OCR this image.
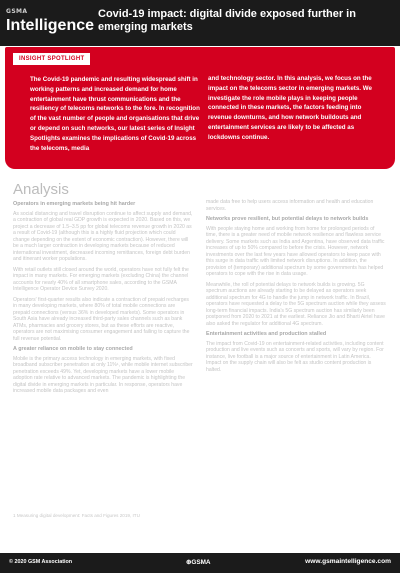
GSMA
Intelligence
Covid-19 impact: digital divide exposed further in emerging markets
INSIGHT SPOTLIGHT
The Covid-19 pandemic and resulting widespread shift in working patterns and increased demand for home entertainment have thrust communications and the resiliency of telecoms networks to the fore. In recognition of the vast number of people and organisations that drive or depend on such networks, our latest series of Insight Spotlights examines the implications of Covid-19 across the telecoms, media
and technology sector. In this analysis, we focus on the impact on the telecoms sector in emerging markets. We investigate the role mobile plays in keeping people connected in these markets, the factors feeding into revenue downturns, and how network buildouts and entertainment services are likely to be affected as lockdowns continue.
Analysis
Operators in emerging markets being hit harder

As social distancing and travel disruption continue to affect supply and demand, a contraction of global real GDP growth is expected in 2020. Based on this, we project a decrease of 1.5–3.5 pp for global telecoms revenue growth in 2020 as a result of Covid-19 (although this is a highly fluid projection which could change depending on the extent of economic contraction). However, there will be a much larger contraction in developing markets because of reduced international investment, decreased incoming remittances, foreign debt burden and itinerant worker populations.

With retail outlets still closed around the world, operators have not fully felt the impact in many markets. For emerging markets (excluding China) the channel accounts for nearly 40% of all smartphone sales, according to the GSMA Intelligence Operator Device Survey 2020.

Operators' first-quarter results also indicate a contraction of prepaid recharges in many developing markets, where 80% of total mobile connections are prepaid connections (versus 36% in developed markets). Some operators in South Asia have already increased third-party sales channels such as bank ATMs, pharmacies and grocery stores, but as these efforts are reactive, operators are not maximising consumer engagement and failing to capture the full revenue potential.

A greater reliance on mobile to stay connected

Mobile is the primary access technology in emerging markets, with fixed broadband subscriber penetration at only 11%¹, while mobile internet subscriber penetration exceeds 49%. Yet, developing markets have a lower mobile adoption rate relative to advanced markets. The pandemic is highlighting the digital divide in emerging markets in particular. In response, operators have increased mobile data packages and even

made data free to help users access information and health and education services.

Networks prove resilient, but potential delays to network builds

With people staying home and working from home for prolonged periods of time, there is a greater need of mobile network resilience and flawless service delivery. Some markets such as India and Argentina, have observed data traffic increases of up to 50% compared to before the crisis. However, network investments over the last few years have allowed operators to keep pace with this surge in data traffic with limited network disruptions. In addition, the provision of (temporary) additional spectrum by some governments has helped operators to cope with the rise in data usage.

Meanwhile, the roll of potential delays to network builds is growing. 5G spectrum auctions are already starting to be delayed as operators seek additional spectrum for 4G to handle the jump in network traffic. In Brazil, operators have requested a delay to the 5G spectrum auction while they assess long-term financial impacts. India's 5G spectrum auction has similarly been postponed from 2020 to 2021 at the earliest. Reliance Jio and Bharti Airtel have also asked the regulator for additional 4G spectrum.

Entertainment activities and production stalled

The impact from Covid-19 on entertainment-related activities, including content production and live events such as concerts and sports, will vary by region. For instance, live football is a major source of entertainment in Latin America. Impact on the supply chain will also be felt as studio content production is halted.

1 Measuring digital development: Facts and Figures 2019, ITU
© 2020 GSM Association	⊕GSMA	www.gsmaintelligence.com
